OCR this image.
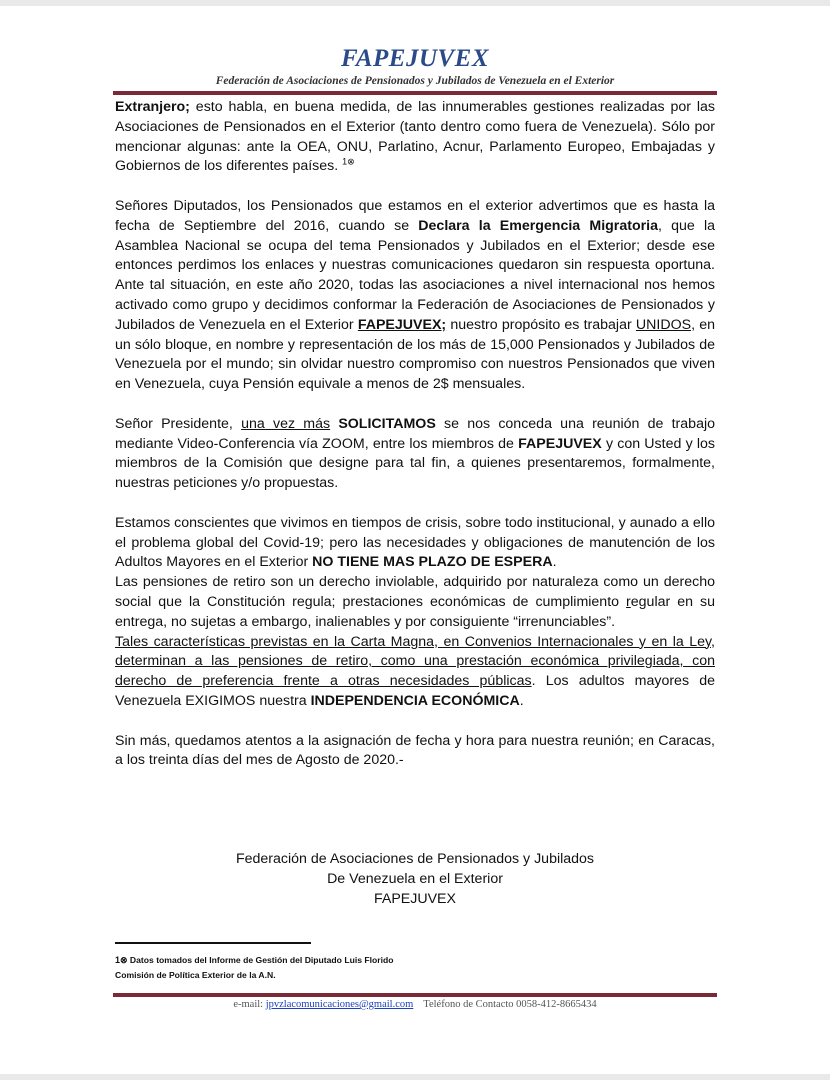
FAPEJUVEX
Federación de Asociaciones de Pensionados y Jubilados de Venezuela en el Exterior

Extranjero; esto habla, en buena medida, de las innumerables gestiones realizadas por las Asociaciones de Pensionados en el Exterior (tanto dentro como fuera de Venezuela). Sólo por mencionar algunas: ante la OEA, ONU, Parlatino, Acnur, Parlamento Europeo, Embajadas y Gobiernos de los diferentes países. $^{1\otimes}$

Señores Diputados, los Pensionados que estamos en el exterior advertimos que es hasta la fecha de Septiembre del 2016, cuando se Declara la Emergencia Migratoria, que la Asamblea Nacional se ocupa del tema Pensionados y Jubilados en el Exterior; desde ese entonces perdimos los enlaces y nuestras comunicaciones quedaron sin respuesta oportuna. Ante tal situación, en este año 2020, todas las asociaciones a nivel internacional nos hemos activado como grupo y decidimos conformar la Federación de Asociaciones de Pensionados y Jubilados de Venezuela en el Exterior FAPEJUVEX; nuestro propósito es trabajar UNIDOS, en un sólo bloque, en nombre y representación de los más de 15,000 Pensionados y Jubilados de Venezuela por el mundo; sin olvidar nuestro compromiso con nuestros Pensionados que viven en Venezuela, cuya Pensión equivale a menos de 2$ mensuales.

Señor Presidente, una vez más SOLICITAMOS se nos conceda una reunión de trabajo mediante Video-Conferencia vía ZOOM, entre los miembros de FAPEJUVEX y con Usted y los miembros de la Comisión que designe para tal fin, a quienes presentaremos, formalmente, nuestras peticiones y/o propuestas.

Estamos conscientes que vivimos en tiempos de crisis, sobre todo institucional, y aunado a ello el problema global del Covid-19; pero las necesidades y obligaciones de manutención de los Adultos Mayores en el Exterior NO TIENE MAS PLAZO DE ESPERA.

Las pensiones de retiro son un derecho inviolable, adquirido por naturaleza como un derecho social que la Constitución regula; prestaciones económicas de cumplimiento regular en su entrega, no sujetas a embargo, inalienables y por consiguiente “irrenunciables”.

Tales características previstas en la Carta Magna, en Convenios Internacionales y en la Ley, determinan a las pensiones de retiro, como una prestación económica privilegiada, con derecho de preferencia frente a otras necesidades públicas. Los adultos mayores de Venezuela EXIGIMOS nuestra INDEPENDENCIA ECONÓMICA.

Sin más, quedamos atentos a la asignación de fecha y hora para nuestra reunión; en Caracas, a los treinta días del mes de Agosto de 2020.-

Federación de Asociaciones de Pensionados y Jubilados
De Venezuela en el Exterior
FAPEJUVEX
1⊗ Datos tomados del Informe de Gestión del Diputado Luis Florido
Comisión de Política Exterior de la A.N.
e-mail: jpvzlacomunicaciones@gmail.com Teléfono de Contacto 0058-412-8665434
